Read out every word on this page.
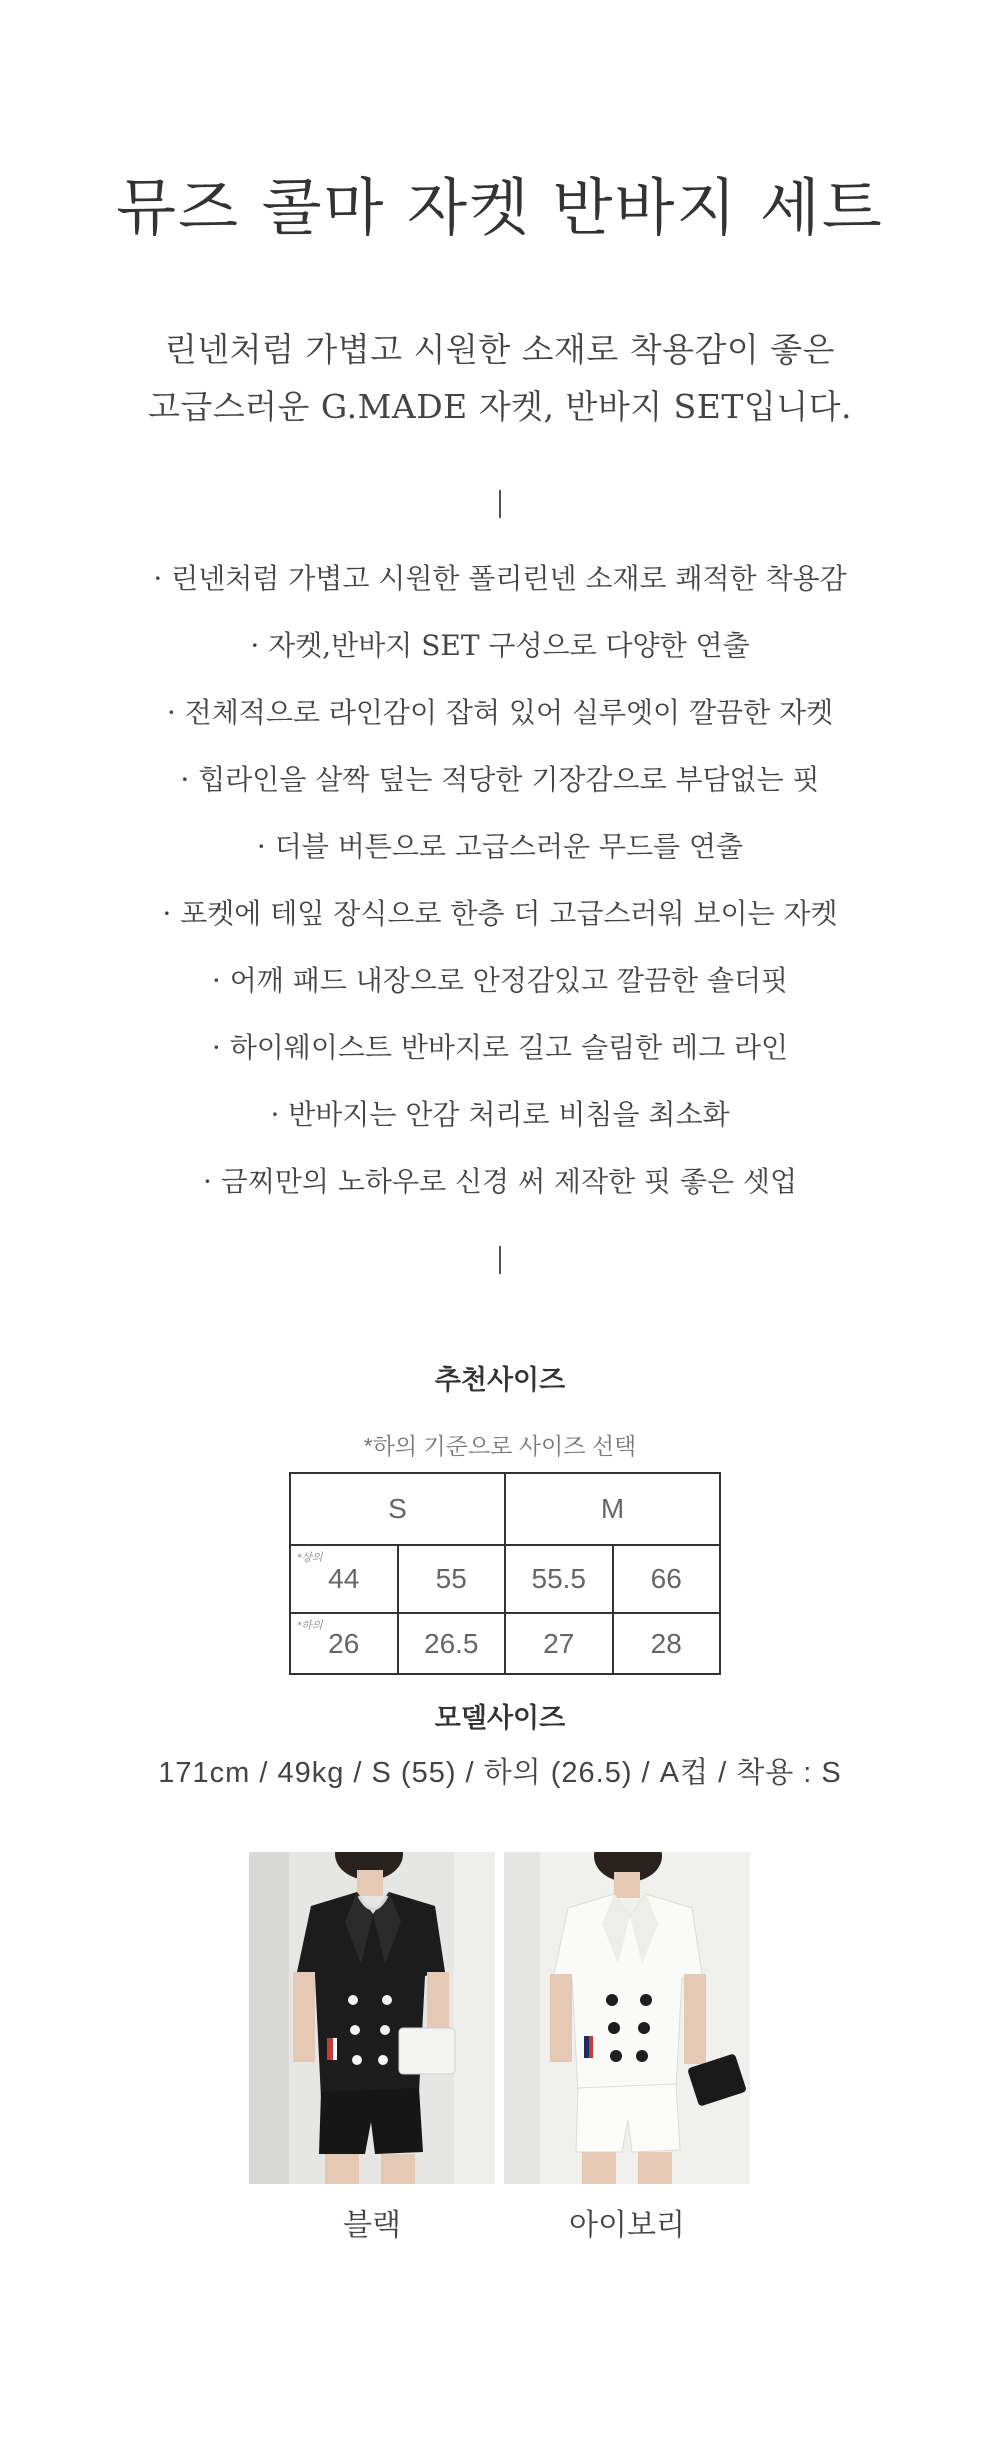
뮤즈 콜마 자켓 반바지 세트
린넨처럼 가볍고 시원한 소재로 착용감이 좋은
고급스러운 G.MADE 자켓, 반바지 SET입니다.
· 린넨처럼 가볍고 시원한 폴리린넨 소재로 쾌적한 착용감
· 자켓,반바지 SET 구성으로 다양한 연출
· 전체적으로 라인감이 잡혀 있어 실루엣이 깔끔한 자켓
· 힙라인을 살짝 덮는 적당한 기장감으로 부담없는 핏
· 더블 버튼으로 고급스러운 무드를 연출
· 포켓에 테잎 장식으로 한층 더 고급스러워 보이는 자켓
· 어깨 패드 내장으로 안정감있고 깔끔한 숄더핏
· 하이웨이스트 반바지로 길고 슬림한 레그 라인
· 반바지는 안감 처리로 비침을 최소화
· 금찌만의 노하우로 신경 써 제작한 핏 좋은 셋업
추천사이즈
*하의 기준으로 사이즈 선택
S		M	

*상의
44	55	55.5	66

*하의
26	26.5	27	28
모델사이즈
171cm / 49kg / S (55) / 하의 (26.5) / A컵 / 착용 : S
블랙	아이보리
